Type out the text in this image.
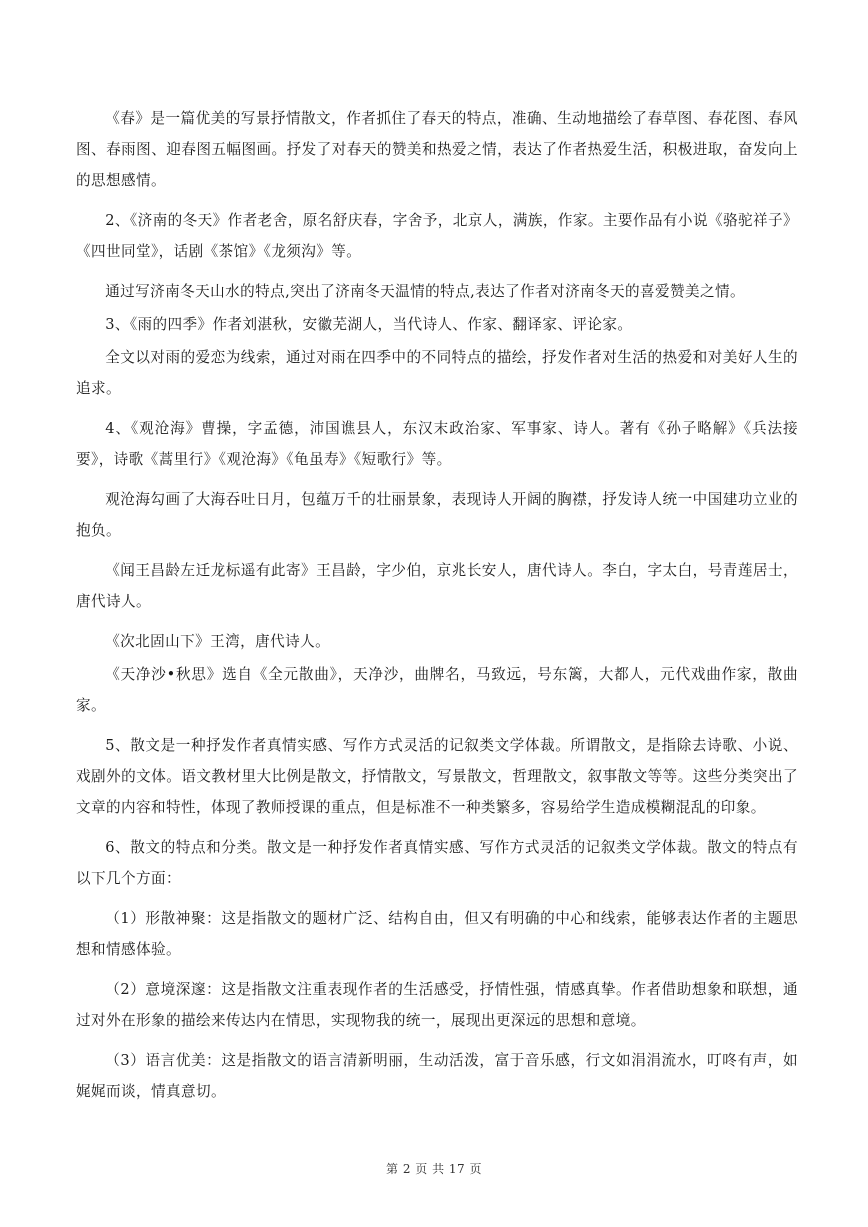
《春》是一篇优美的写景抒情散文，作者抓住了春天的特点，准确、生动地描绘了春草图、春花图、春风图、春雨图、迎春图五幅图画。抒发了对春天的赞美和热爱之情，表达了作者热爱生活，积极进取，奋发向上的思想感情。

2、《济南的冬天》作者老舍，原名舒庆春，字舍予，北京人，满族，作家。主要作品有小说《骆驼祥子》《四世同堂》，话剧《茶馆》《龙须沟》等。

通过写济南冬天山水的特点,突出了济南冬天温情的特点,表达了作者对济南冬天的喜爱赞美之情。

3、《雨的四季》作者刘湛秋，安徽芜湖人，当代诗人、作家、翻译家、评论家。

全文以对雨的爱恋为线索，通过对雨在四季中的不同特点的描绘，抒发作者对生活的热爱和对美好人生的追求。

4、《观沧海》曹操，字孟德，沛国谯县人，东汉末政治家、军事家、诗人。著有《孙子略解》《兵法接要》，诗歌《蒿里行》《观沧海》《龟虽寿》《短歌行》等。

观沧海勾画了大海吞吐日月，包蕴万千的壮丽景象，表现诗人开阔的胸襟，抒发诗人统一中国建功立业的抱负。

《闻王昌龄左迁龙标遥有此寄》王昌龄，字少伯，京兆长安人，唐代诗人。李白，字太白，号青莲居士，唐代诗人。

《次北固山下》王湾，唐代诗人。

《天净沙•秋思》选自《全元散曲》，天净沙，曲牌名，马致远，号东篱，大都人，元代戏曲作家，散曲家。

5、散文是一种抒发作者真情实感、写作方式灵活的记叙类文学体裁。所谓散文，是指除去诗歌、小说、戏剧外的文体。语文教材里大比例是散文，抒情散文，写景散文，哲理散文，叙事散文等等。这些分类突出了文章的内容和特性，体现了教师授课的重点，但是标准不一种类繁多，容易给学生造成模糊混乱的印象。

6、散文的特点和分类。散文是一种抒发作者真情实感、写作方式灵活的记叙类文学体裁。散文的特点有以下几个方面：

（1）形散神聚：这是指散文的题材广泛、结构自由，但又有明确的中心和线索，能够表达作者的主题思想和情感体验。

（2）意境深邃：这是指散文注重表现作者的生活感受，抒情性强，情感真挚。作者借助想象和联想，通过对外在形象的描绘来传达内在情思，实现物我的统一，展现出更深远的思想和意境。

（3）语言优美：这是指散文的语言清新明丽，生动活泼，富于音乐感，行文如涓涓流水，叮咚有声，如娓娓而谈，情真意切。

第 2 页 共 17 页
